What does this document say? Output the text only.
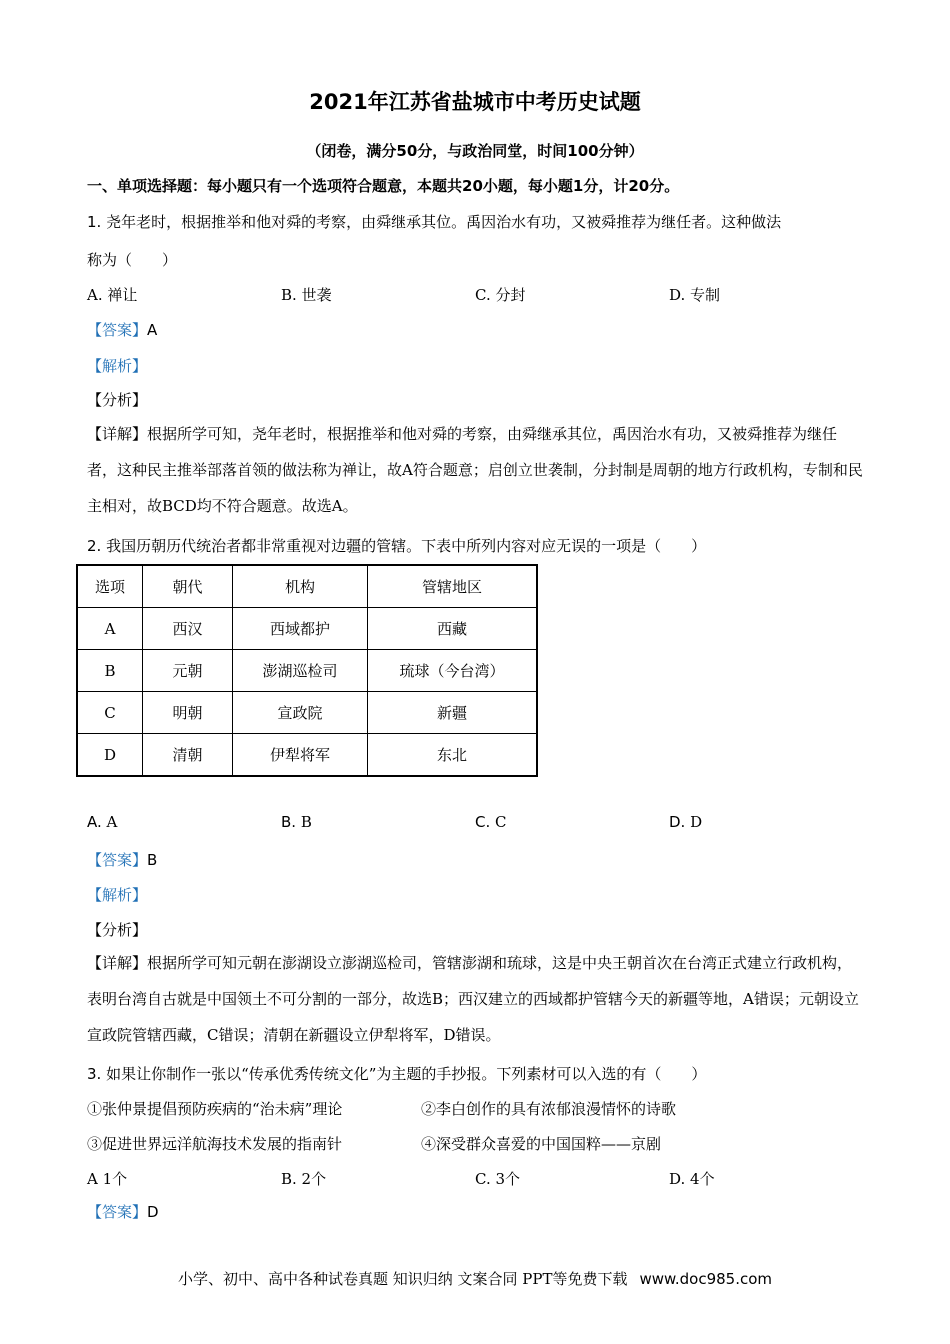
2021年江苏省盐城市中考历史试题
（闭卷，满分50分，与政治同堂，时间100分钟）
一、单项选择题：每小题只有一个选项符合题意，本题共20小题，每小题1分，计20分。
1. 尧年老时，根据推举和他对舜的考察，由舜继承其位。禹因治水有功，又被舜推荐为继任者。这种做法
称为（　　）
A. 禅让	B. 世袭	C. 分封	D. 专制
【答案】A
【解析】
【分析】
【详解】根据所学可知，尧年老时，根据推举和他对舜的考察，由舜继承其位，禹因治水有功，又被舜推荐为继任者，这种民主推举部落首领的做法称为禅让，故A符合题意；启创立世袭制，分封制是周朝的地方行政机构，专制和民主相对，故BCD均不符合题意。故选A。
2. 我国历朝历代统治者都非常重视对边疆的管辖。下表中所列内容对应无误的一项是（　　）
选项	朝代	机构	管辖地区
A	西汉	西域都护	西藏
B	元朝	澎湖巡检司	琉球（今台湾）
C	明朝	宣政院	新疆
D	清朝	伊犁将军	东北
A. A	B. B	C. C	D. D
【答案】B
【解析】
【分析】
【详解】根据所学可知元朝在澎湖设立澎湖巡检司，管辖澎湖和琉球，这是中央王朝首次在台湾正式建立行政机构，表明台湾自古就是中国领土不可分割的一部分，故选B；西汉建立的西域都护管辖今天的新疆等地，A错误；元朝设立宣政院管辖西藏，C错误；清朝在新疆设立伊犁将军，D错误。
3. 如果让你制作一张以“传承优秀传统文化”为主题的手抄报。下列素材可以入选的有（　　）
①张仲景提倡预防疾病的“治未病”理论	②李白创作的具有浓郁浪漫情怀的诗歌
③促进世界远洋航海技术发展的指南针	④深受群众喜爱的中国国粹——京剧
A 1个	B. 2个	C. 3个	D. 4个
【答案】D
小学、初中、高中各种试卷真题 知识归纳 文案合同 PPT等免费下载 www.doc985.com
